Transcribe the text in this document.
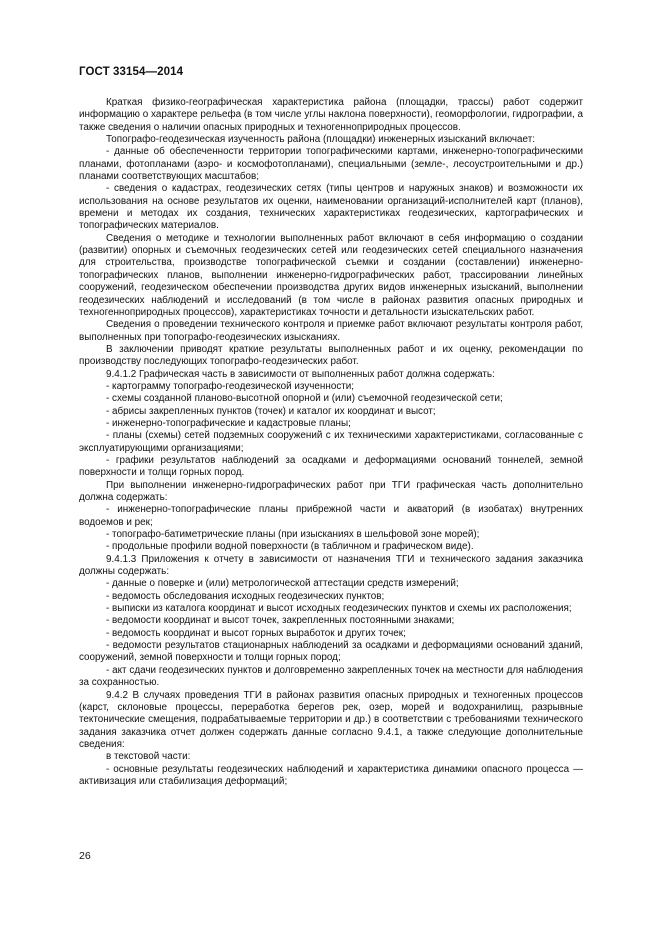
ГОСТ 33154—2014

Краткая физико-географическая характеристика района (площадки, трассы) работ содержит информацию о характере рельефа (в том числе углы наклона поверхности), геоморфологии, гидрографии, а также сведения о наличии опасных природных и техногенноприродных процессов.

Топографо-геодезическая изученность района (площадки) инженерных изысканий включает:

- данные об обеспеченности территории топографическими картами, инженерно-топографическими планами, фотопланами (аэро- и космофотопланами), специальными (земле-, лесоустроительными и др.) планами соответствующих масштабов;

- сведения о кадастрах, геодезических сетях (типы центров и наружных знаков) и возможности их использования на основе результатов их оценки, наименовании организаций-исполнителей карт (планов), времени и методах их создания, технических характеристиках геодезических, картографических и топографических материалов.

Сведения о методике и технологии выполненных работ включают в себя информацию о создании (развитии) опорных и съемочных геодезических сетей или геодезических сетей специального назначения для строительства, производстве топографической съемки и создании (составлении) инженерно-топографических планов, выполнении инженерно-гидрографических работ, трассировании линейных сооружений, геодезическом обеспечении производства других видов инженерных изысканий, выполнении геодезических наблюдений и исследований (в том числе в районах развития опасных природных и техногенноприродных процессов), характеристиках точности и детальности изыскательских работ.

Сведения о проведении технического контроля и приемке работ включают результаты контроля работ, выполненных при топографо-геодезических изысканиях.

В заключении приводят краткие результаты выполненных работ и их оценку, рекомендации по производству последующих топографо-геодезических работ.

9.4.1.2 Графическая часть в зависимости от выполненных работ должна содержать:

- картограмму топографо-геодезической изученности;

- схемы созданной планово-высотной опорной и (или) съемочной геодезической сети;

- абрисы закрепленных пунктов (точек) и каталог их координат и высот;

- инженерно-топографические и кадастровые планы;

- планы (схемы) сетей подземных сооружений с их техническими характеристиками, согласованные с эксплуатирующими организациями;

- графики результатов наблюдений за осадками и деформациями оснований тоннелей, земной поверхности и толщи горных пород.

При выполнении инженерно-гидрографических работ при ТГИ графическая часть дополнительно должна содержать:

- инженерно-топографические планы прибрежной части и акваторий (в изобатах) внутренних водоемов и рек;

- топографо-батиметрические планы (при изысканиях в шельфовой зоне морей);

- продольные профили водной поверхности (в табличном и графическом виде).

9.4.1.3 Приложения к отчету в зависимости от назначения ТГИ и технического задания заказчика должны содержать:

- данные о поверке и (или) метрологической аттестации средств измерений;

- ведомость обследования исходных геодезических пунктов;

- выписки из каталога координат и высот исходных геодезических пунктов и схемы их расположения;

- ведомости координат и высот точек, закрепленных постоянными знаками;

- ведомость координат и высот горных выработок и других точек;

- ведомости результатов стационарных наблюдений за осадками и деформациями оснований зданий, сооружений, земной поверхности и толщи горных пород;

- акт сдачи геодезических пунктов и долговременно закрепленных точек на местности для наблюдения за сохранностью.

9.4.2 В случаях проведения ТГИ в районах развития опасных природных и техногенных процессов (карст, склоновые процессы, переработка берегов рек, озер, морей и водохранилищ, разрывные тектонические смещения, подрабатываемые территории и др.) в соответствии с требованиями технического задания заказчика отчет должен содержать данные согласно 9.4.1, а также следующие дополнительные сведения:

в текстовой части:

- основные результаты геодезических наблюдений и характеристика динамики опасного процесса — активизация или стабилизация деформаций;

26
